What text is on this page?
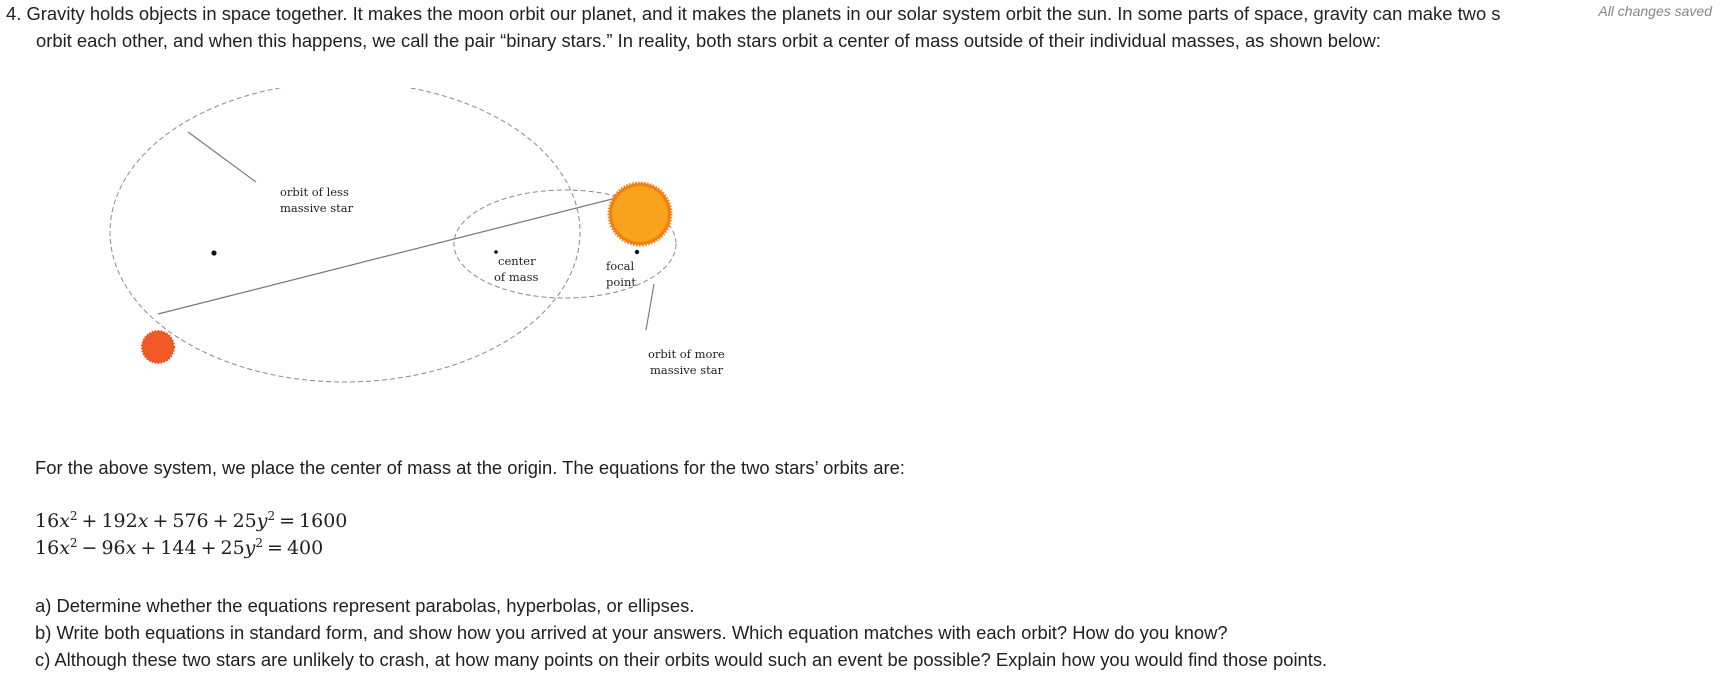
4. Gravity holds objects in space together. It makes the moon orbit our planet, and it makes the planets in our solar system orbit the sun. In some parts of space, gravity can make two s
orbit each other, and when this happens, we call the pair “binary stars.” In reality, both stars orbit a center of mass outside of their individual masses, as shown below:
All changes saved
orbit of less
massive star
center
of mass
focal
point
orbit of more
massive star
For the above system, we place the center of mass at the origin. The equations for the two stars’ orbits are:
$16x^2 + 192x + 576 + 25y^2 = 1600$
$16x^2 - 96x + 144 + 25y^2 = 400$
a) Determine whether the equations represent parabolas, hyperbolas, or ellipses.
b) Write both equations in standard form, and show how you arrived at your answers. Which equation matches with each orbit? How do you know?
c) Although these two stars are unlikely to crash, at how many points on their orbits would such an event be possible? Explain how you would find those points.
